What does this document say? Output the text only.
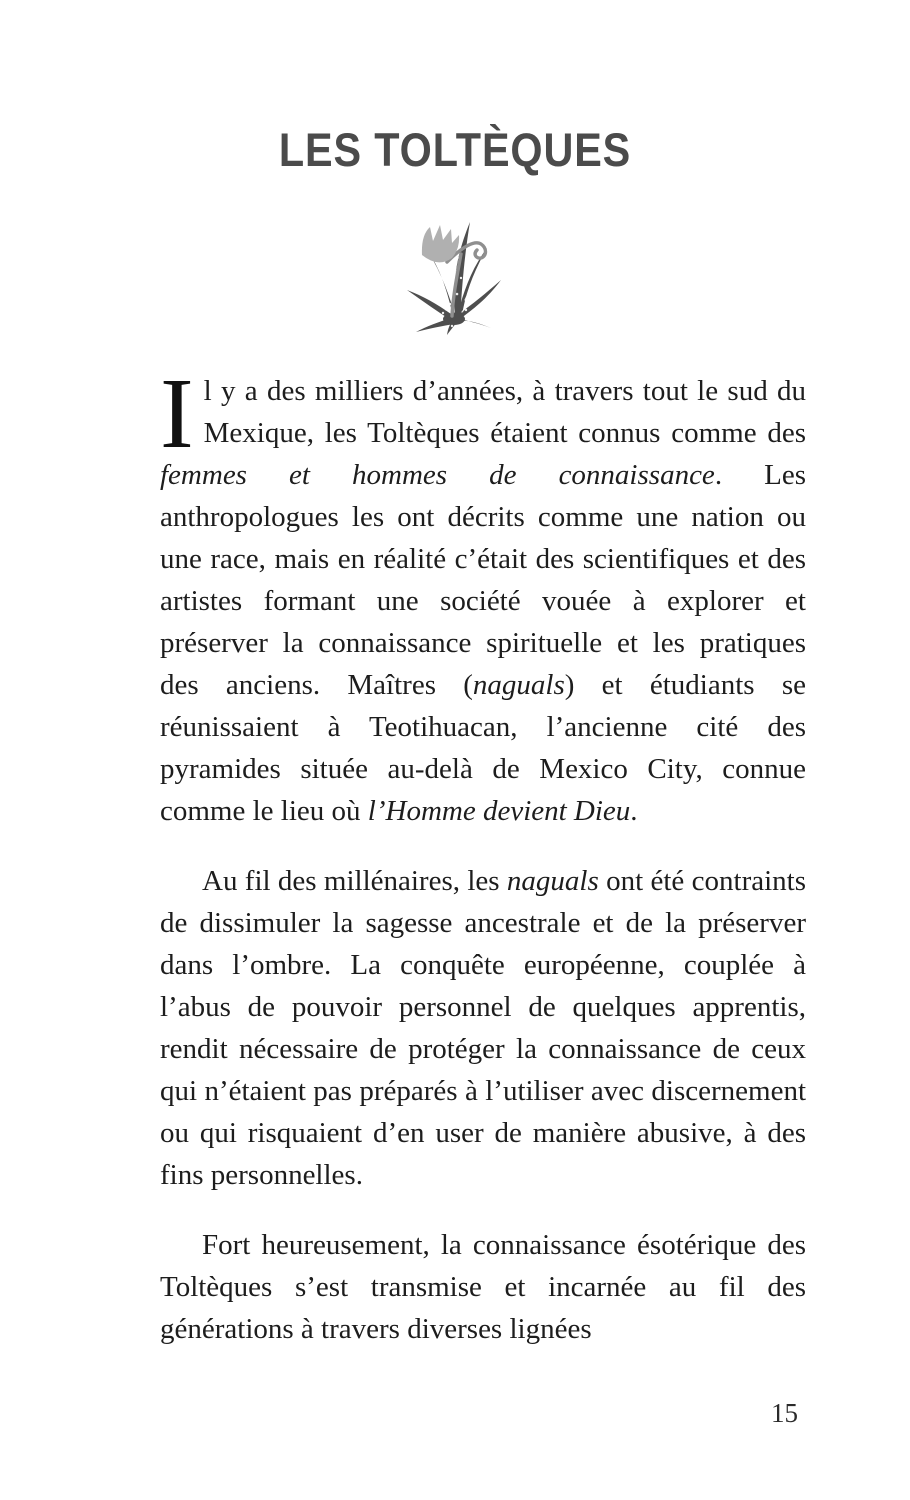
LES TOLTÈQUES

Il y a des milliers d’années, à travers tout le sud du Mexique, les Toltèques étaient connus comme des femmes et hommes de connaissance. Les anthropologues les ont décrits comme une nation ou une race, mais en réalité c’était des scientifiques et des artistes formant une société vouée à explorer et préserver la connaissance spirituelle et les pratiques des anciens. Maîtres (naguals) et étudiants se réunissaient à Teotihuacan, l’ancienne cité des pyramides située au-delà de Mexico City, connue comme le lieu où l’Homme devient Dieu.

Au fil des millénaires, les naguals ont été contraints de dissimuler la sagesse ancestrale et de la préserver dans l’ombre. La conquête européenne, couplée à l’abus de pouvoir personnel de quelques apprentis, rendit nécessaire de protéger la connaissance de ceux qui n’étaient pas préparés à l’utiliser avec discernement ou qui risquaient d’en user de manière abusive, à des fins personnelles.

Fort heureusement, la connaissance ésotérique des Toltèques s’est transmise et incarnée au fil des générations à travers diverses lignées

15
